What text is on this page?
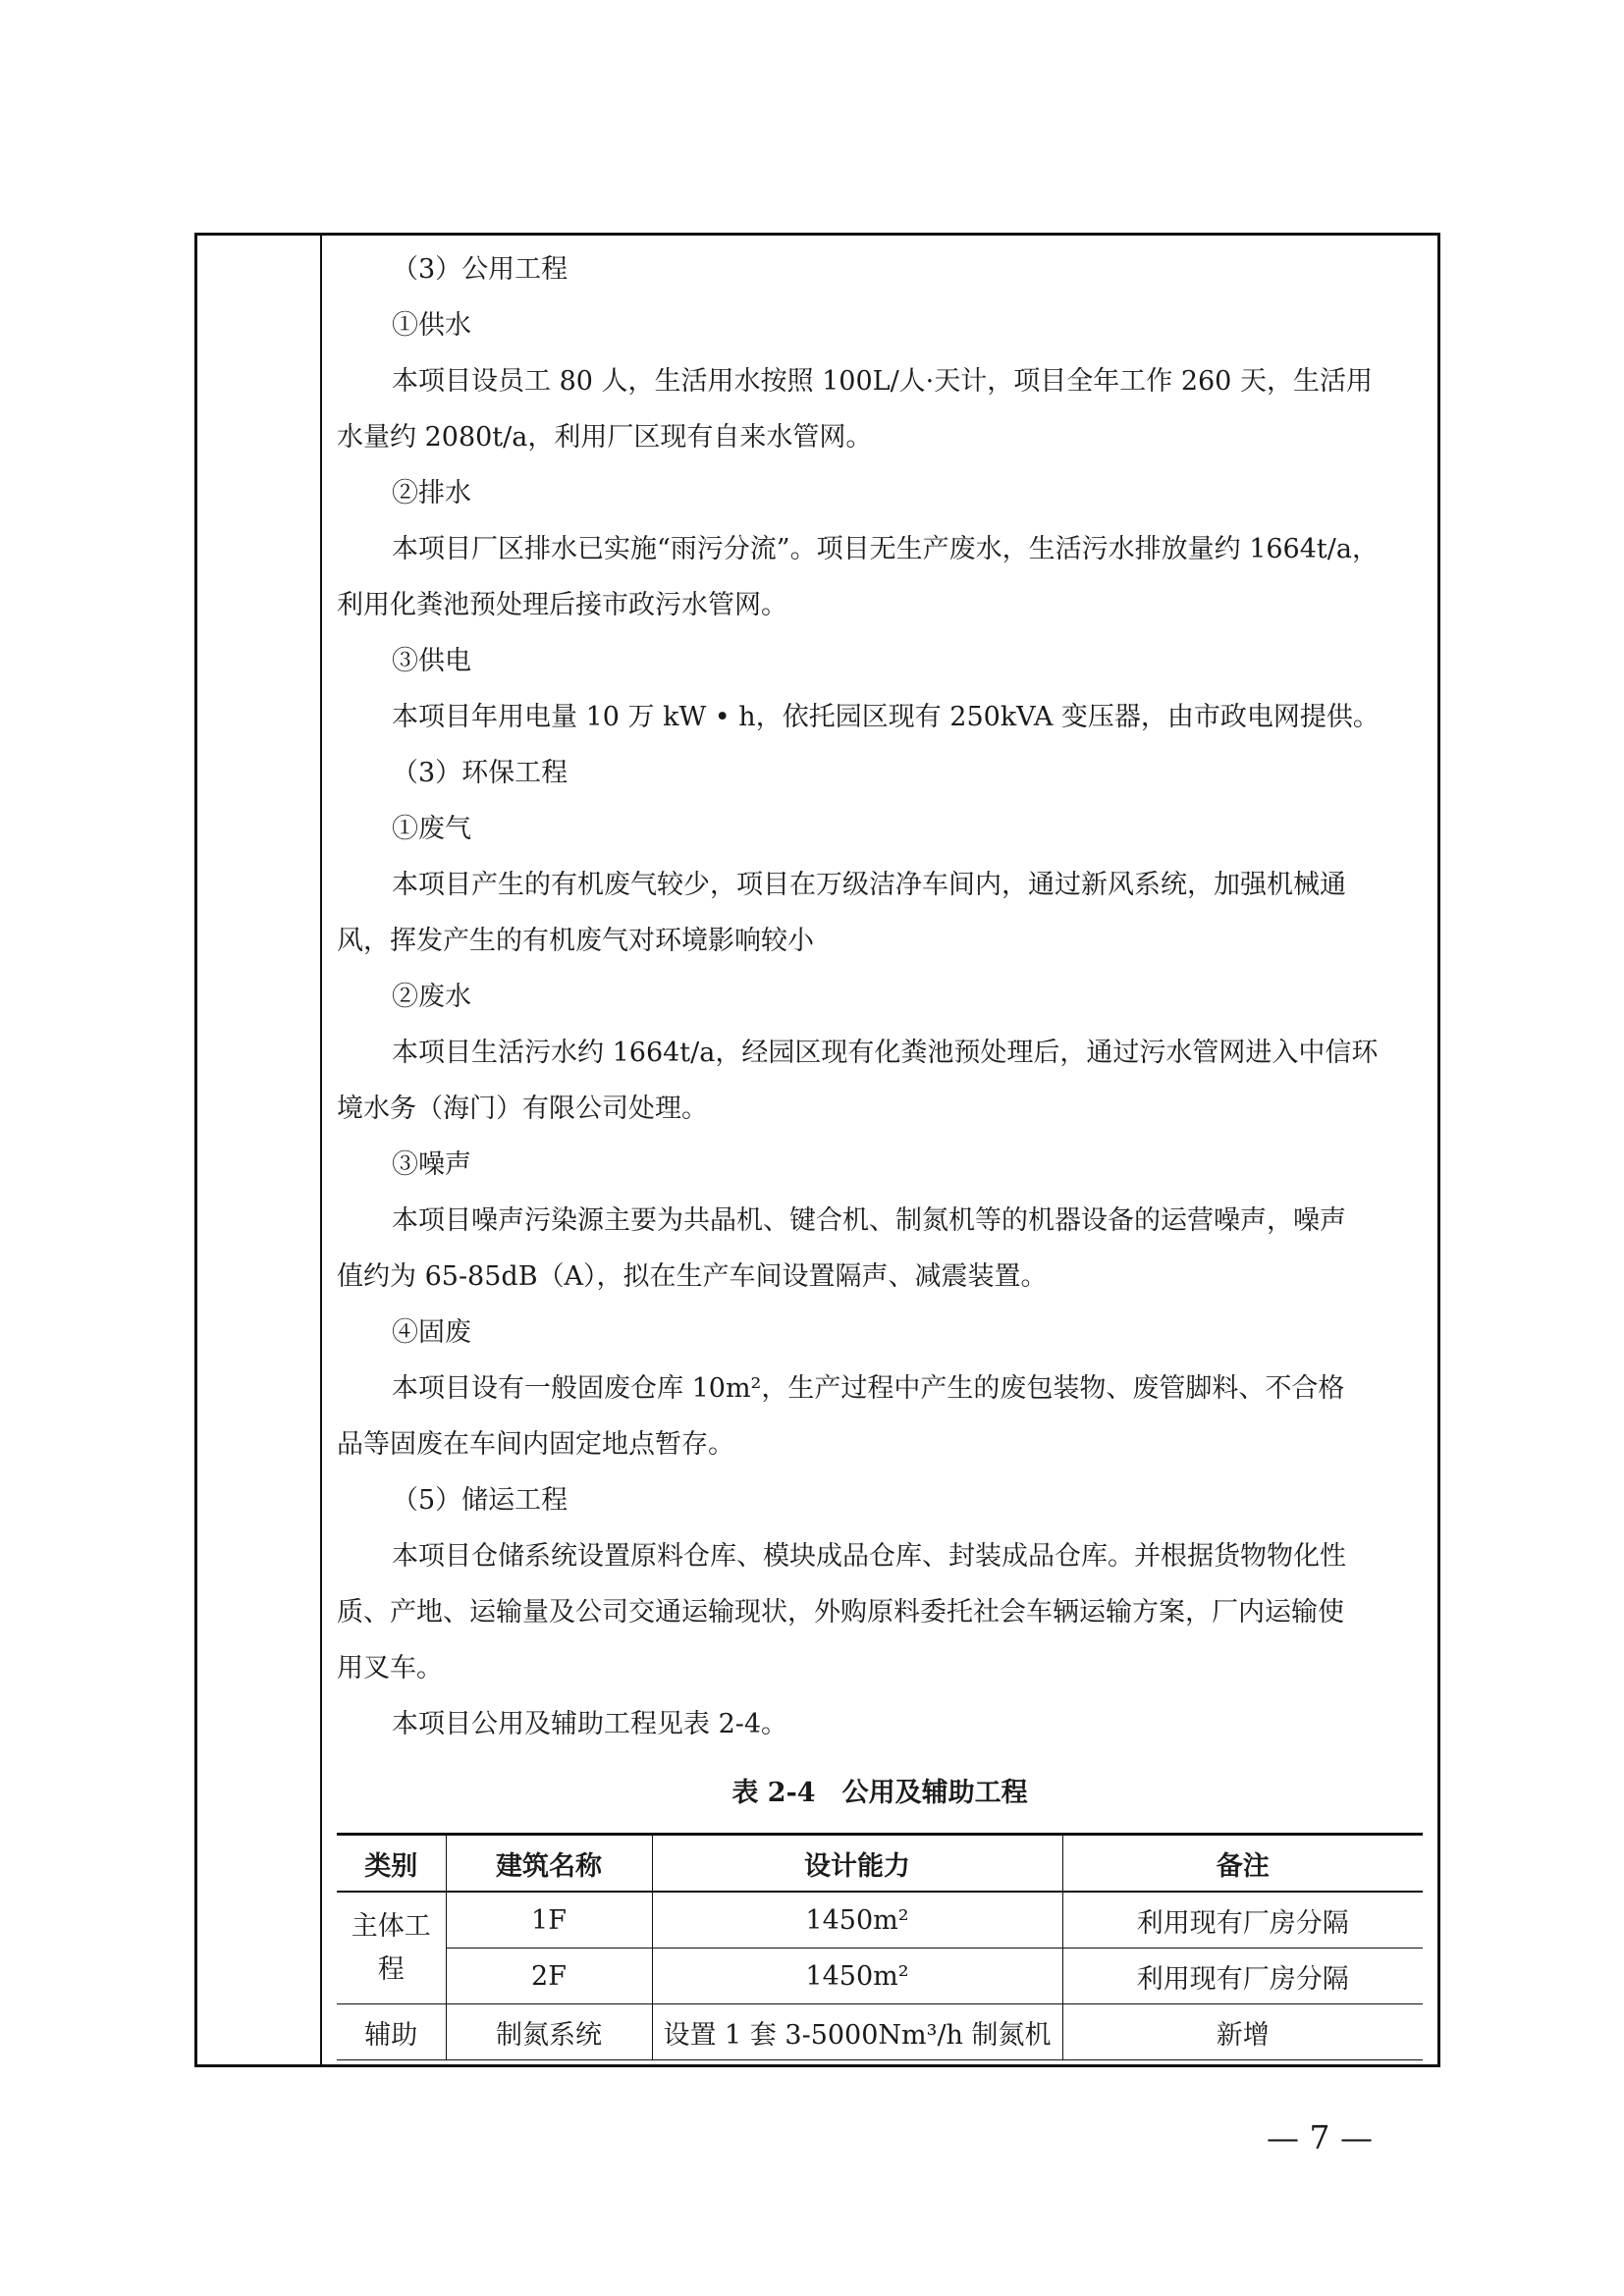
（3）公用工程
①供水
本项目设员工 80 人，生活用水按照 100L/人·天计，项目全年工作 260 天，生活用
水量约 2080t/a，利用厂区现有自来水管网。
②排水
本项目厂区排水已实施“雨污分流”。项目无生产废水，生活污水排放量约 1664t/a，
利用化粪池预处理后接市政污水管网。
③供电
本项目年用电量 10 万 kW • h，依托园区现有 250kVA 变压器，由市政电网提供。
（3）环保工程
①废气
本项目产生的有机废气较少，项目在万级洁净车间内，通过新风系统，加强机械通
风，挥发产生的有机废气对环境影响较小
②废水
本项目生活污水约 1664t/a，经园区现有化粪池预处理后，通过污水管网进入中信环
境水务（海门）有限公司处理。
③噪声
本项目噪声污染源主要为共晶机、键合机、制氮机等的机器设备的运营噪声，噪声
值约为 65-85dB（A），拟在生产车间设置隔声、减震装置。
④固废
本项目设有一般固废仓库 10m²，生产过程中产生的废包装物、废管脚料、不合格
品等固废在车间内固定地点暂存。
（5）储运工程
本项目仓储系统设置原料仓库、模块成品仓库、封装成品仓库。并根据货物物化性
质、产地、运输量及公司交通运输现状，外购原料委托社会车辆运输方案，厂内运输使
用叉车。
本项目公用及辅助工程见表 2-4。
表 2-4　公用及辅助工程
类别	建筑名称	设计能力	备注
主体工程	1F	1450m²	利用现有厂房分隔
	2F	1450m²	利用现有厂房分隔
辅助	制氮系统	设置 1 套 3-5000Nm³/h 制氮机	新增
— 7 —
